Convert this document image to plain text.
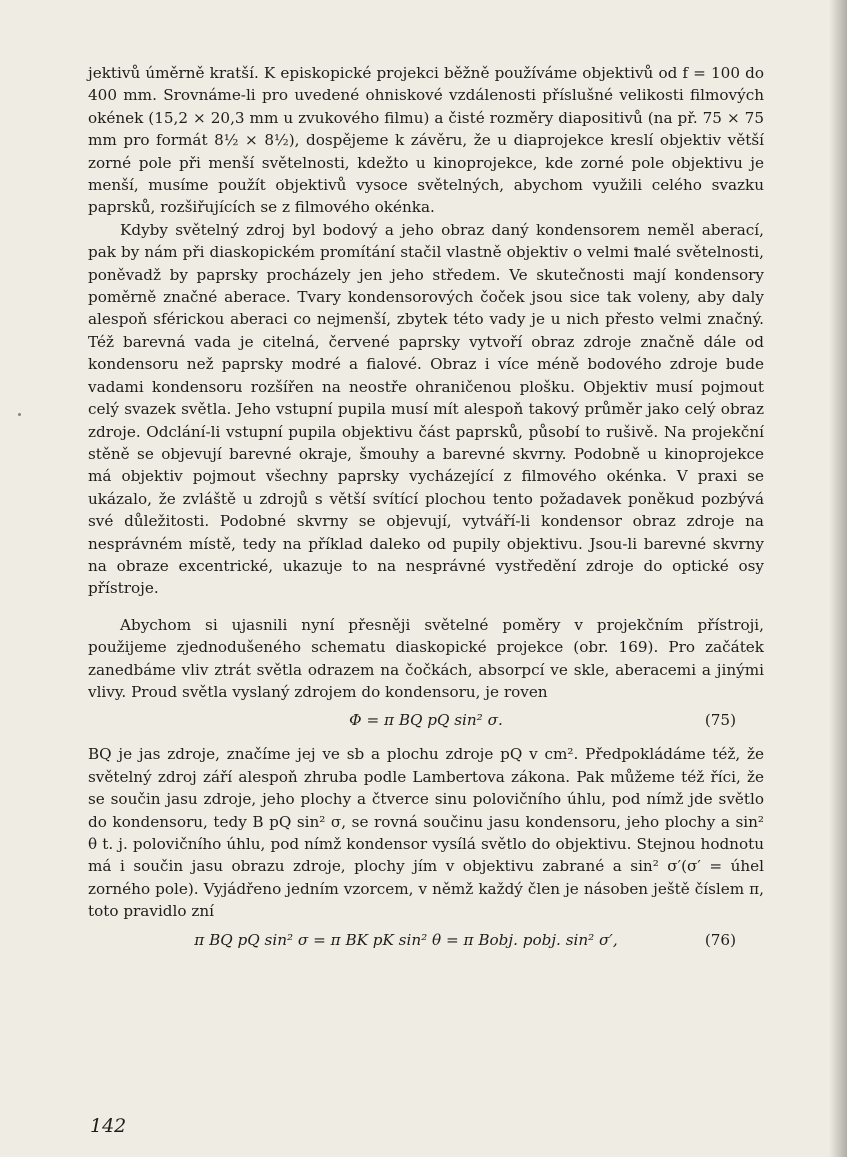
jektivů úměrně kratší. K episkopické projekci běžně používáme objektivů od f = 100 do 400 mm. Srovnáme-li pro uvedené ohniskové vzdálenosti příslušné velikosti filmových okének (15,2 × 20,3 mm u zvukového filmu) a čisté rozměry diapositivů (na př. 75 × 75 mm pro formát 8½ × 8½), dospějeme k závěru, že u diaprojekce kreslí objektiv větší zorné pole při menší světelnosti, kdežto u kinoprojekce, kde zorné pole objektivu je menší, musíme použít objektivů vysoce světelných, abychom využili celého svazku paprsků, rozšiřujících se z filmového okénka.

Kdyby světelný zdroj byl bodový a jeho obraz daný kondensorem neměl aberací, pak by nám při diaskopickém promítání stačil vlastně objektiv o velmi malé světelnosti, poněvadž by paprsky procházely jen jeho středem. Ve skutečnosti mají kondensory poměrně značné aberace. Tvary kondensorových čoček jsou sice tak voleny, aby daly alespoň sférickou aberaci co nejmenší, zbytek této vady je u nich přesto velmi značný. Též barevná vada je citelná, červené paprsky vytvoří obraz zdroje značně dále od kondensoru než paprsky modré a fialové. Obraz i více méně bodového zdroje bude vadami kondensoru rozšířen na neostře ohraničenou plošku. Objektiv musí pojmout celý svazek světla. Jeho vstupní pupila musí mít alespoň takový průměr jako celý obraz zdroje. Odclání-li vstupní pupila objektivu část paprsků, působí to rušivě. Na projekční stěně se objevují barevné okraje, šmouhy a barevné skvrny. Podobně u kinoprojekce má objektiv pojmout všechny paprsky vycházející z filmového okénka. V praxi se ukázalo, že zvláště u zdrojů s větší svítící plochou tento požadavek poněkud pozbývá své důležitosti. Podobné skvrny se objevují, vytváří-li kondensor obraz zdroje na nesprávném místě, tedy na příklad daleko od pupily objektivu. Jsou-li barevné skvrny na obraze excentrické, ukazuje to na nesprávné vystředění zdroje do optické osy přístroje.

Abychom si ujasnili nyní přesněji světelné poměry v projekčním přístroji, použijeme zjednodušeného schematu diaskopické projekce (obr. 169). Pro začátek zanedbáme vliv ztrát světla odrazem na čočkách, absorpcí ve skle, aberacemi a jinými vlivy. Proud světla vyslaný zdrojem do kondensoru, je roven

Φ = π BQ pQ sin² σ.	(75)

BQ je jas zdroje, značíme jej ve sb a plochu zdroje pQ v cm². Předpokládáme též, že světelný zdroj září alespoň zhruba podle Lambertova zákona. Pak můžeme též říci, že se součin jasu zdroje, jeho plochy a čtverce sinu polovičního úhlu, pod nímž jde světlo do kondensoru, tedy B pQ sin² σ, se rovná součinu jasu kondensoru, jeho plochy a sin² θ t. j. polovičního úhlu, pod nímž kondensor vysílá světlo do objektivu. Stejnou hodnotu má i součin jasu obrazu zdroje, plochy jím v objektivu zabrané a sin² σ′(σ′ = úhel zorného pole). Vyjádřeno jedním vzorcem, v němž každý člen je násoben ještě číslem π, toto pravidlo zní

π BQ pQ sin² σ = π BK pK sin² θ = π Bobj. pobj. sin² σ′,	(76)
142
